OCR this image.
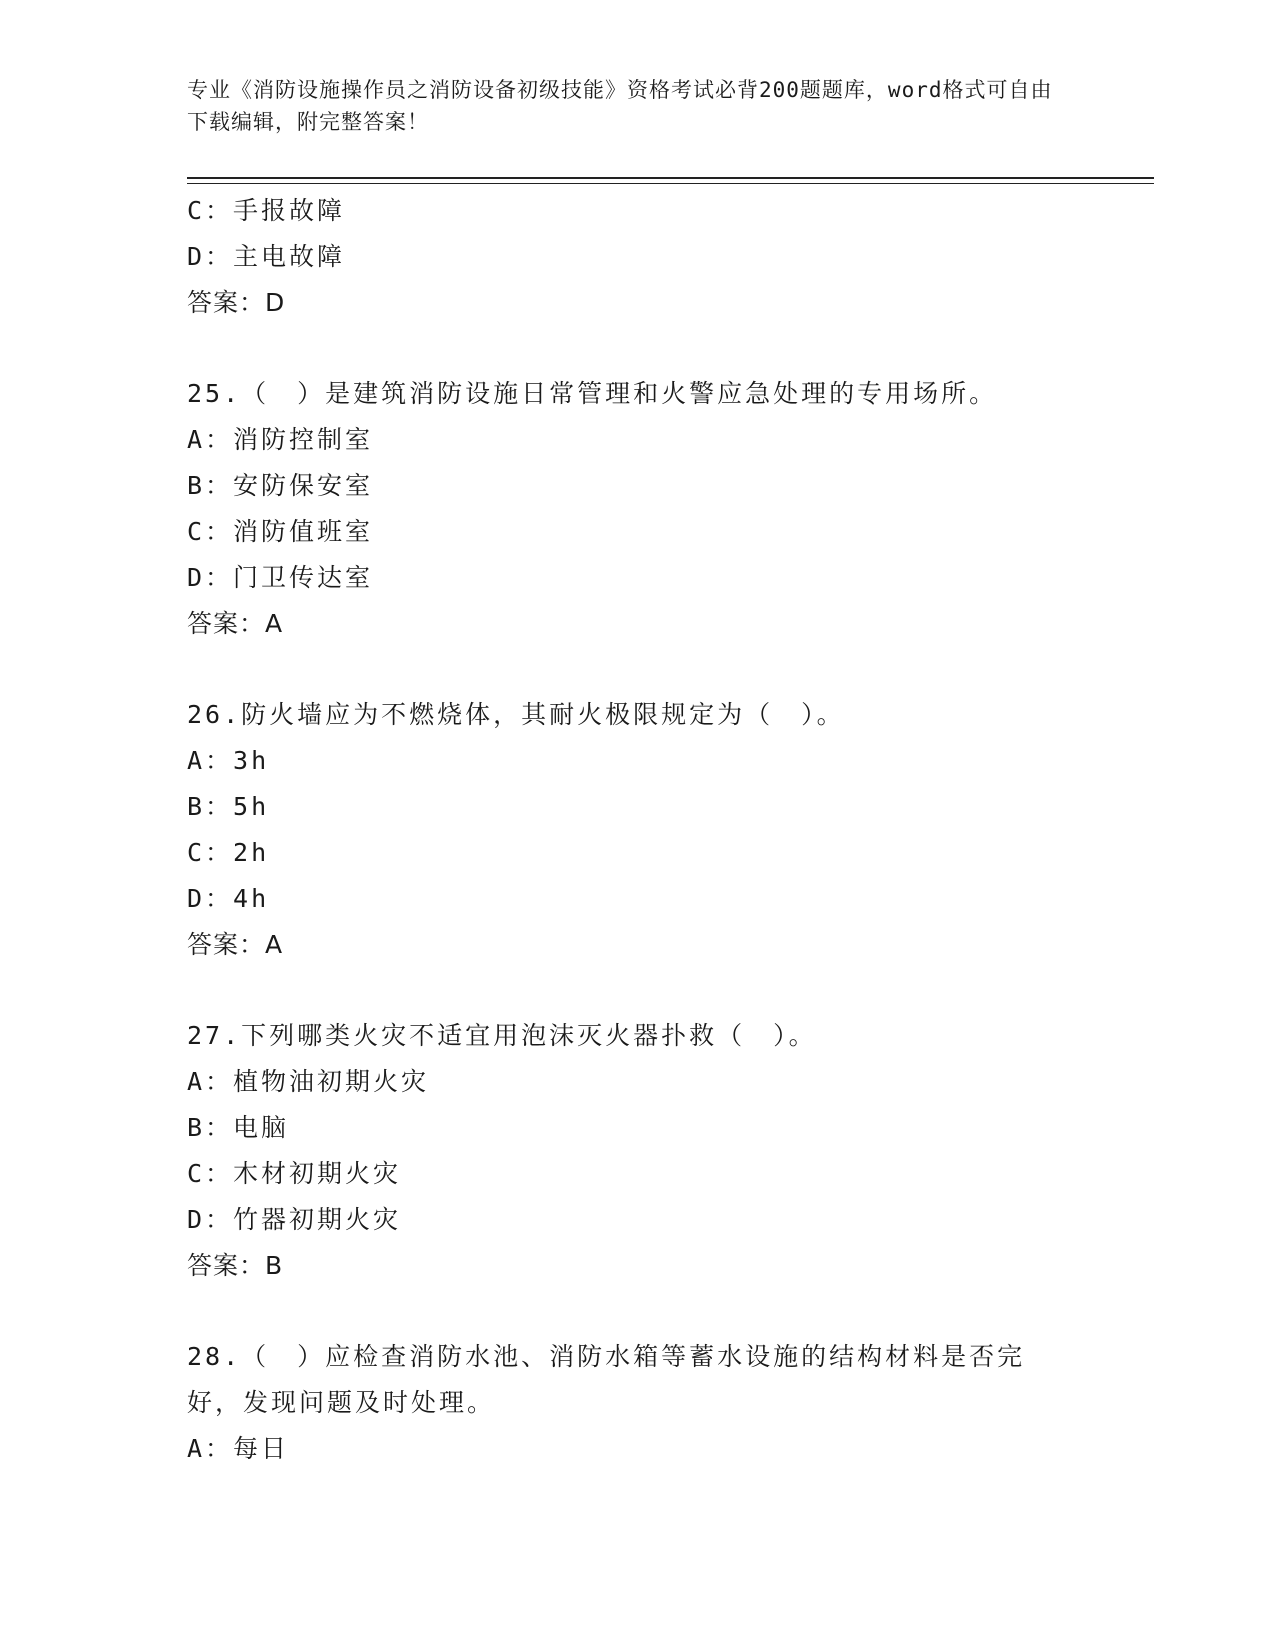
专业《消防设施操作员之消防设备初级技能》资格考试必背200题题库，word格式可自由下载编辑，附完整答案！
C：手报故障
D：主电故障
答案：D
25.（　）是建筑消防设施日常管理和火警应急处理的专用场所。
A：消防控制室
B：安防保安室
C：消防值班室
D：门卫传达室
答案：A
26.防火墙应为不燃烧体，其耐火极限规定为（　）。
A：3h
B：5h
C：2h
D：4h
答案：A
27.下列哪类火灾不适宜用泡沫灭火器扑救（　）。
A：植物油初期火灾
B：电脑
C：木材初期火灾
D：竹器初期火灾
答案：B
28.（　）应检查消防水池、消防水箱等蓄水设施的结构材料是否完好，发现问题及时处理。
A：每日
